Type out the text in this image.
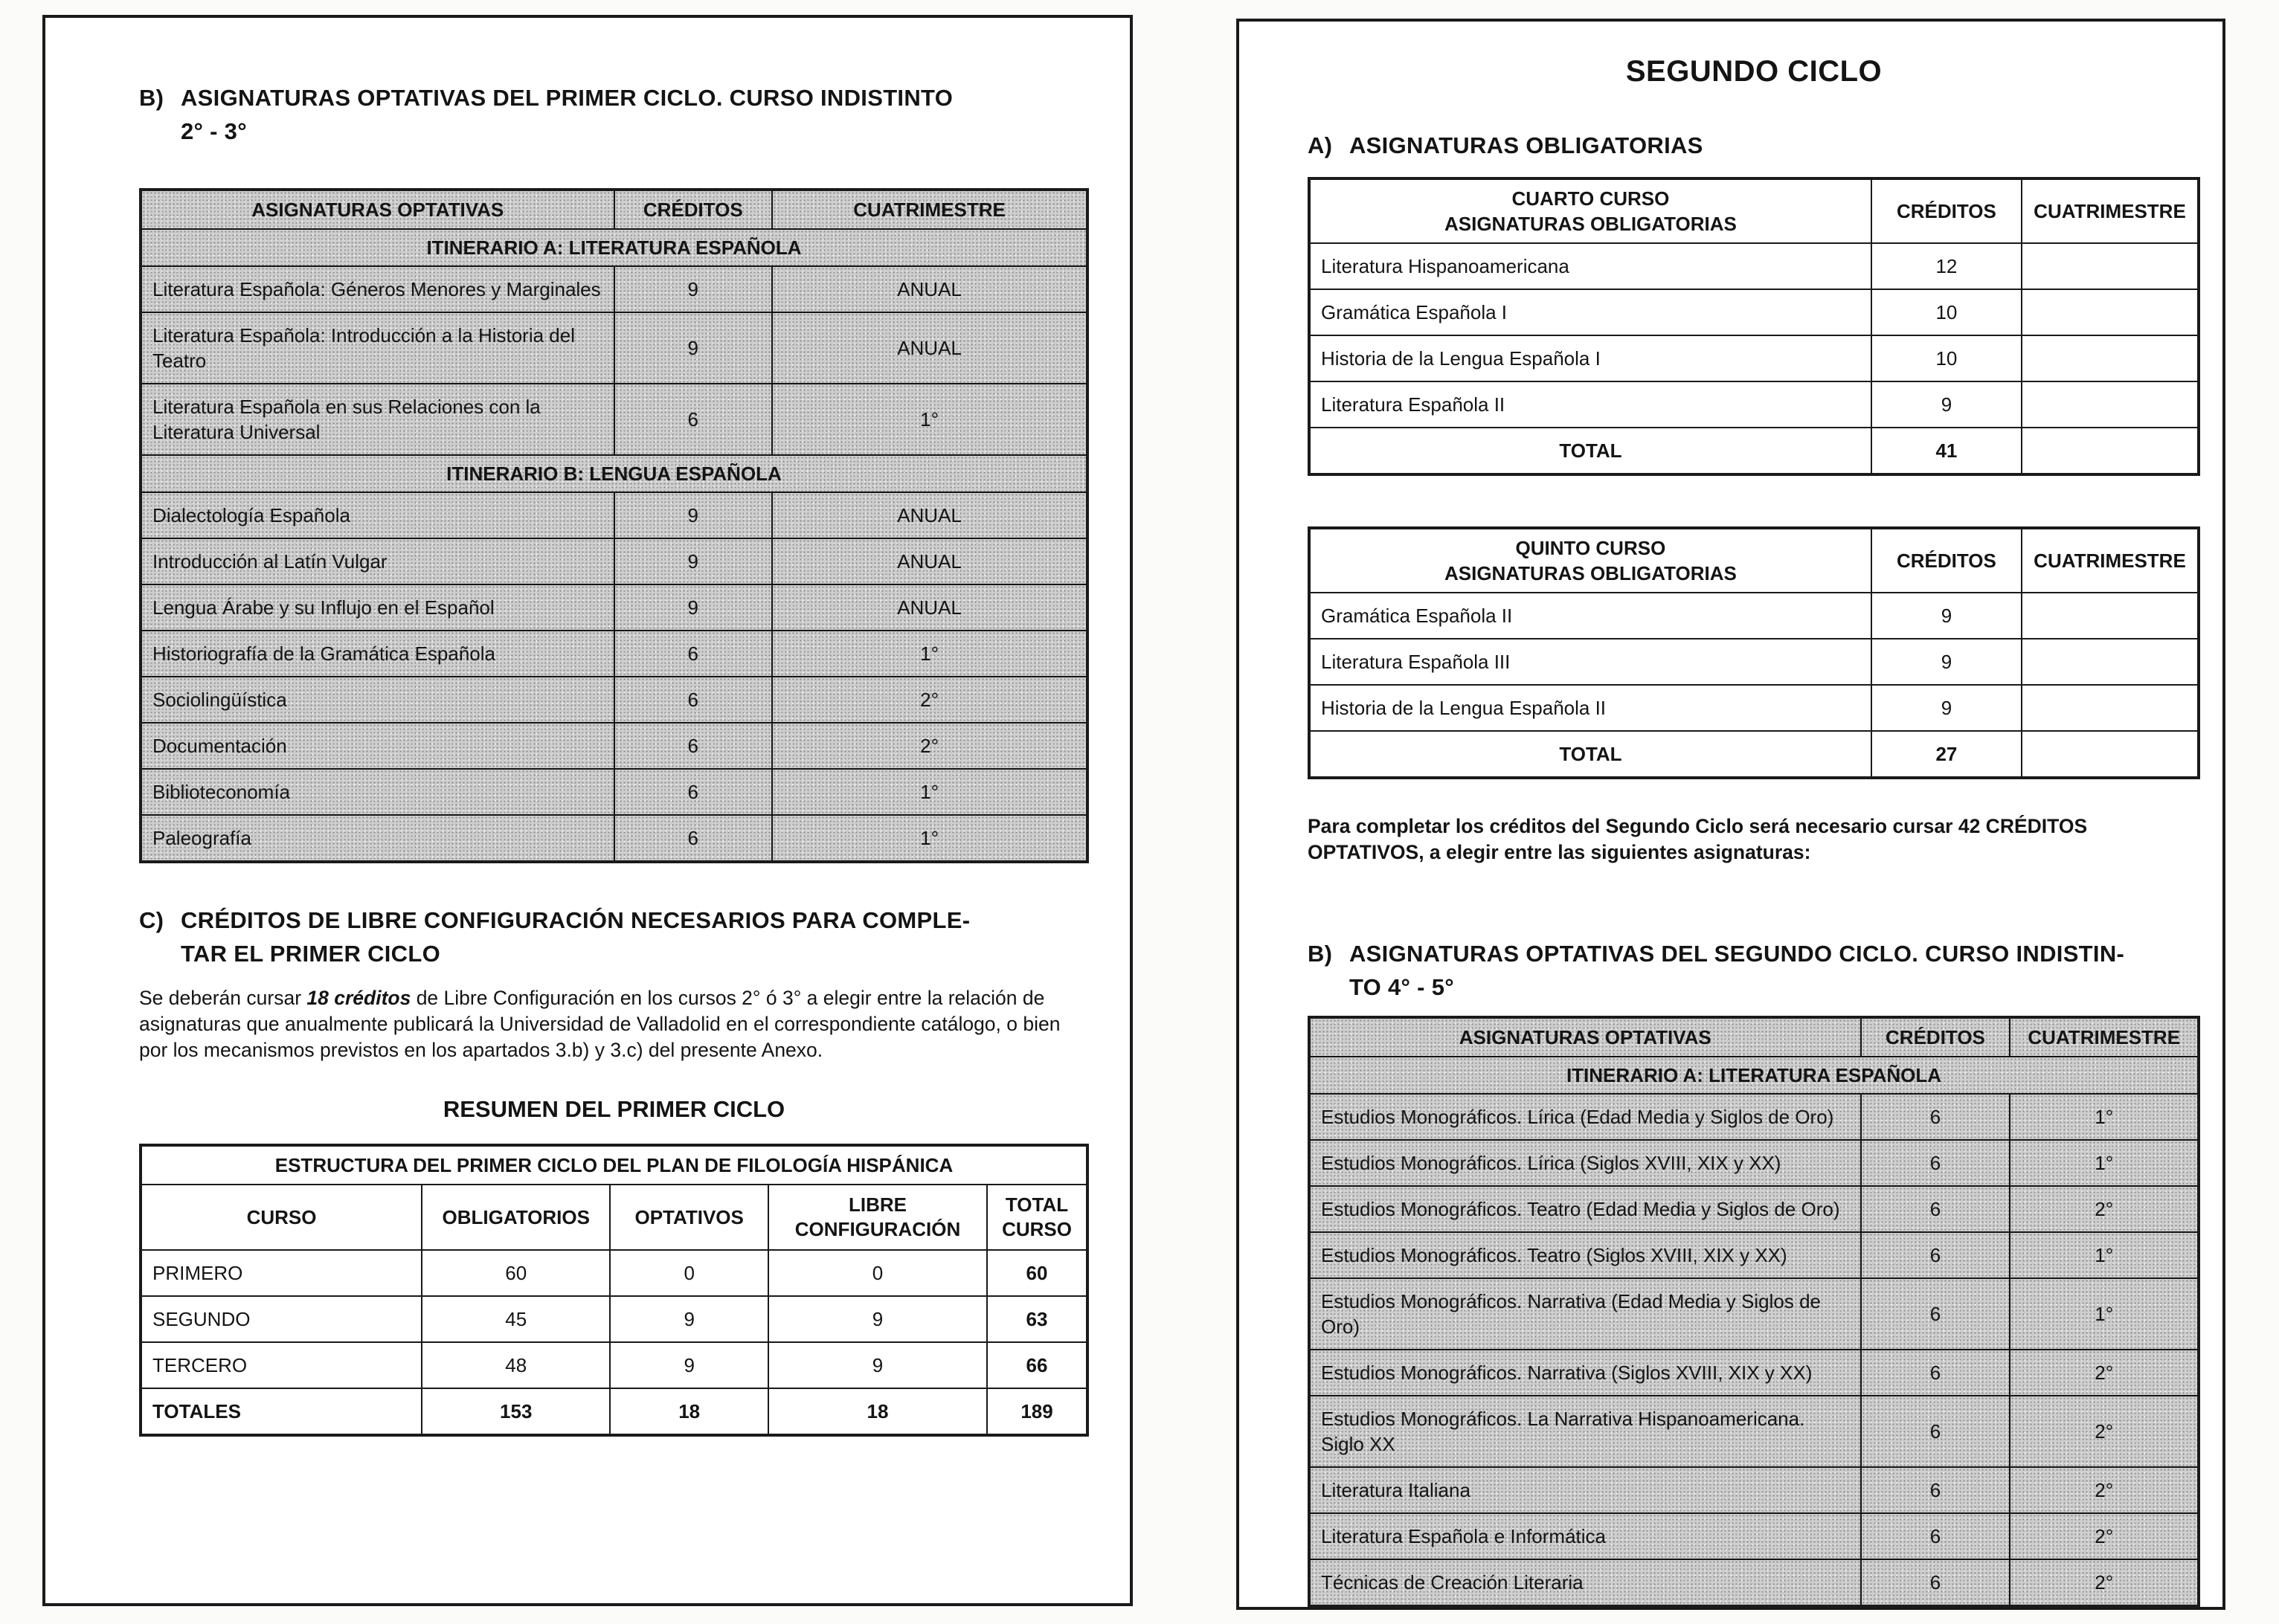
B) ASIGNATURAS OPTATIVAS DEL PRIMER CICLO. CURSO INDISTINTO
2° - 3°
ASIGNATURAS OPTATIVAS	CRÉDITOS	CUATRIMESTRE
ITINERARIO A: LITERATURA ESPAÑOLA		
Literatura Española: Géneros Menores y Marginales	9	ANUAL
Literatura Española: Introducción a la Historia del Teatro	9	ANUAL
Literatura Española en sus Relaciones con la Literatura Universal	6	1°
ITINERARIO B: LENGUA ESPAÑOLA		
Dialectología Española	9	ANUAL
Introducción al Latín Vulgar	9	ANUAL
Lengua Árabe y su Influjo en el Español	9	ANUAL
Historiografía de la Gramática Española	6	1°
Sociolingüística	6	2°
Documentación	6	2°
Biblioteconomía	6	1°
Paleografía	6	1°
C) CRÉDITOS DE LIBRE CONFIGURACIÓN NECESARIOS PARA COMPLE-
TAR EL PRIMER CICLO

Se deberán cursar 18 créditos de Libre Configuración en los cursos 2° ó 3° a elegir entre la relación de asignaturas que anualmente publicará la Universidad de Valladolid en el correspondiente catálogo, o bien por los mecanismos previstos en los apartados 3.b) y 3.c) del presente Anexo.

RESUMEN DEL PRIMER CICLO
ESTRUCTURA DEL PRIMER CICLO DEL PLAN DE FILOLOGÍA HISPÁNICA				
CURSO	OBLIGATORIOS	OPTATIVOS	LIBRE CONFIGURACIÓN	TOTAL CURSO
PRIMERO	60	0	0	60
SEGUNDO	45	9	9	63
TERCERO	48	9	9	66
TOTALES	153	18	18	189
SEGUNDO CICLO
A) ASIGNATURAS OBLIGATORIAS
CUARTO CURSO
ASIGNATURAS OBLIGATORIAS	CRÉDITOS	CUATRIMESTRE
Literatura Hispanoamericana	12	
Gramática Española I	10	
Historia de la Lengua Española I	10	
Literatura Española II	9	
TOTAL	41	
QUINTO CURSO
ASIGNATURAS OBLIGATORIAS	CRÉDITOS	CUATRIMESTRE
Gramática Española II	9	
Literatura Española III	9	
Historia de la Lengua Española II	9	
TOTAL	27	

Para completar los créditos del Segundo Ciclo será necesario cursar 42 CRÉDITOS OPTATIVOS, a elegir entre las siguientes asignaturas:

B) ASIGNATURAS OPTATIVAS DEL SEGUNDO CICLO. CURSO INDISTIN-
TO 4° - 5°
ASIGNATURAS OPTATIVAS	CRÉDITOS	CUATRIMESTRE
ITINERARIO A: LITERATURA ESPAÑOLA		
Estudios Monográficos. Lírica (Edad Media y Siglos de Oro)	6	1°
Estudios Monográficos. Lírica (Siglos XVIII, XIX y XX)	6	1°
Estudios Monográficos. Teatro (Edad Media y Siglos de Oro)	6	2°
Estudios Monográficos. Teatro (Siglos XVIII, XIX y XX)	6	1°
Estudios Monográficos. Narrativa (Edad Media y Siglos de Oro)	6	1°
Estudios Monográficos. Narrativa (Siglos XVIII, XIX y XX)	6	2°
Estudios Monográficos. La Narrativa Hispanoamericana. Siglo XX	6	2°
Literatura Italiana	6	2°
Literatura Española e Informática	6	2°
Técnicas de Creación Literaria	6	2°
